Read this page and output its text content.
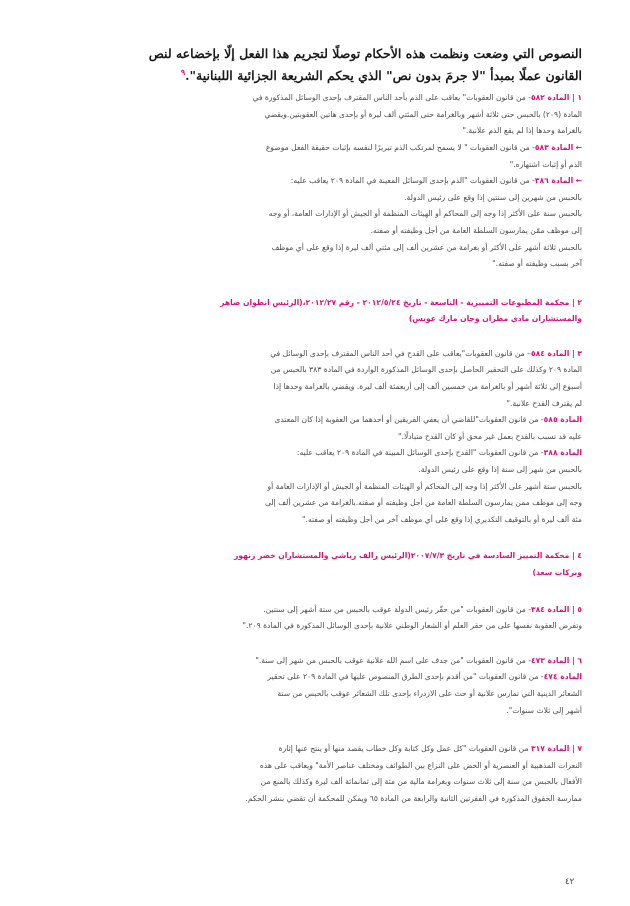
النصوص التي وضعت ونظمت هذه الأحكام توصلًا لتجريم هذا الفعل إلّا بإخضاعه لنص
القانون عملًا بمبدأ "لا جرمَ بدون نص" الذي يحكم الشريعة الجزائية اللبنانية".$^٩$

١ | المادة ٥٨٢- من قانون العقوبات" يعاقب على الذم بأحد الناس المقترف بإحدى الوسائل المذكورة في

المادة (٢٠٩) بالحبس حتى ثلاثة أشهر وبالغرامة حتى المئتي ألف ليرة أو بإحدى هاتين العقوبتين.ويقضي

بالغرامة وحدها إذا لم يقع الذم علانية."

← المادة ٥٨٣- من قانون العقوبات " لا يسمح لمرتكب الذم تبريرًا لنفسه بإثبات حقيقة الفعل موضوع

الذم أو إثبات اشتهاره."

← المادة ٣٨٦- من قانون العقوبات "الذم بإحدى الوسائل المعينة في المادة ٢٠٩ يعاقب عليه:

بالحبس من شهرين إلى سنتين إذا وقع على رئيس الدولة.

بالحبس سنة على الأكثر إذا وجه إلى المحاكم أو الهيئات المنظمة أو الجيش أو الإدارات العامة، أو وجه

إلى موظف ممّن يمارسون السلطة العامة من أجل وظيفته أو صفته.

بالحبس ثلاثة أشهر على الأكثر أو بغرامة من عشرين ألف إلى مئتي ألف ليرة إذا وقع على أي موظف

آخر بسبب وظيفته أو صفته."

٢ | محكمة المطبوعات التمييزية - التاسعة - تاريخ ٢٠١٢/٥/٢٤ - رقم ٢٠١٢/٢٧،(الرئيس انطوان ضاهر

والمستشاران مادي مطران وجان مارك عويس)

٣ | المادة ٥٨٤– من قانون العقوبات"يعاقب على القدح في أحد الناس المقترف بإحدى الوسائل في

المادة ٢٠٩ وكذلك على التحقير الحاصل بإحدى الوسائل المذكورة الواردة في المادة ٣٨٣ بالحبس من

أسبوع إلى ثلاثة أشهر أو بالغرامة من خمسين ألف إلى أربعمئة ألف ليرة. ويقضي بالغرامة وحدها إذا

لم يقترف القدح علانية."

المادة ٥٨٥- من قانون العقوبات"للقاضي أن يعفي الفريقين أو أحدهما من العقوبة إذا كان المعتدى

عليه قد تسبب بالقدح بعمل غير محق أو كان القدح متبادلًا."

المادة ٣٨٨- من قانون العقوبات "القدح بإحدى الوسائل المبينة في المادة ٢٠٩ يعاقب عليه:

بالحبس من شهر إلى سنة إذا وقع على رئيس الدولة.

بالحبس ستة أشهر على الأكثر إذا وجه إلى المحاكم أو الهيئات المنظمة أو الجيش أو الإدارات العامة أو

وجه إلى موظف ممن يمارسون السلطة العامة من أجل وظيفته أو صفته.بالغرامة من عشرين ألف إلى

مئة ألف ليرة أو بالتوقيف التكديري إذا وقع على أي موظف آخر من أجل وظيفته أو صفته."

٤ | محكمة التمييز السادسة في تاريخ ٢٠٠٧/٧/٣(الرئيس رالف رياشي والمستشاران خضر زنهور

وبركات سعد)

٥ | المادة ٣٨٤- من قانون العقوبات "من حقّر رئيس الدولة عوقب بالحبس من ستة أشهر إلى سنتين.

وتفرض العقوبة نفسها على من حقر العلم أو الشعار الوطني علانية بإحدى الوسائل المذكورة في المادة ٢٠٩."

٦ | المادة ٤٧٣- من قانون العقوبات "من جدف على اسم الله علانية عوقب بالحبس من شهر إلى سنة."

المادة ٤٧٤- من قانون العقوبات "من أقدم بإحدى الطرق المنصوص عليها في المادة ٢٠٩ على تحقير

الشعائر الدينية التي تمارس علانية أو حث على الازدراء بإحدى تلك الشعائر عوقب بالحبس من ستة

أشهر إلى ثلاث سنوات".

٧ | المادة ٣١٧ من قانون العقوبات "كل عمل وكل كتابة وكل خطاب يقصد منها أو ينتج عنها إثارة

النعرات المذهبية أو العنصرية أو الحض على النزاع بين الطوائف ومختلف عناصر الأمة" ويعاقب على هذه

الأفعال بالحبس من سنة إلى ثلاث سنوات وبغرامة مالية من مئة إلى ثمانمائة ألف ليرة وكذلك بالمنع من

ممارسة الحقوق المذكورة في الفقرتين الثانية والرابعة من المادة ٦٥ ويمكن للمحكمة أن تقضي بنشر الحكم.

٤٢
